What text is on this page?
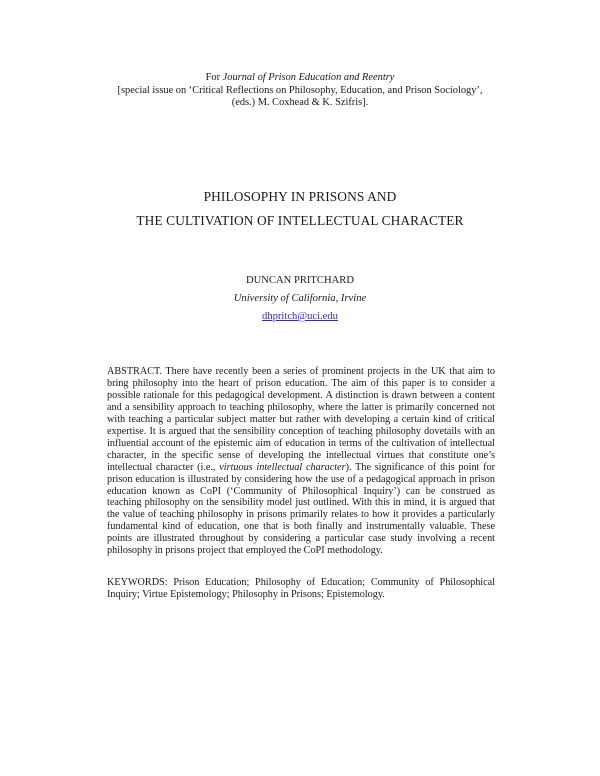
For Journal of Prison Education and Reentry
[special issue on ‘Critical Reflections on Philosophy, Education, and Prison Sociology’,
(eds.) M. Coxhead & K. Szifris].
PHILOSOPHY IN PRISONS AND
THE CULTIVATION OF INTELLECTUAL CHARACTER
DUNCAN PRITCHARD
University of California, Irvine
dhpritch@uci.edu
ABSTRACT. There have recently been a series of prominent projects in the UK that aim to bring philosophy into the heart of prison education. The aim of this paper is to consider a possible rationale for this pedagogical development. A distinction is drawn between a content and a sensibility approach to teaching philosophy, where the latter is primarily concerned not with teaching a particular subject matter but rather with developing a certain kind of critical expertise. It is argued that the sensibility conception of teaching philosophy dovetails with an influential account of the epistemic aim of education in terms of the cultivation of intellectual character, in the specific sense of developing the intellectual virtues that constitute one’s intellectual character (i.e., virtuous intellectual character). The significance of this point for prison education is illustrated by considering how the use of a pedagogical approach in prison education known as CoPI (‘Community of Philosophical Inquiry’) can be construed as teaching philosophy on the sensibility model just outlined. With this in mind, it is argued that the value of teaching philosophy in prisons primarily relates to how it provides a particularly fundamental kind of education, one that is both finally and instrumentally valuable. These points are illustrated throughout by considering a particular case study involving a recent philosophy in prisons project that employed the CoPI methodology.
KEYWORDS: Prison Education; Philosophy of Education; Community of Philosophical Inquiry; Virtue Epistemology; Philosophy in Prisons; Epistemology.
